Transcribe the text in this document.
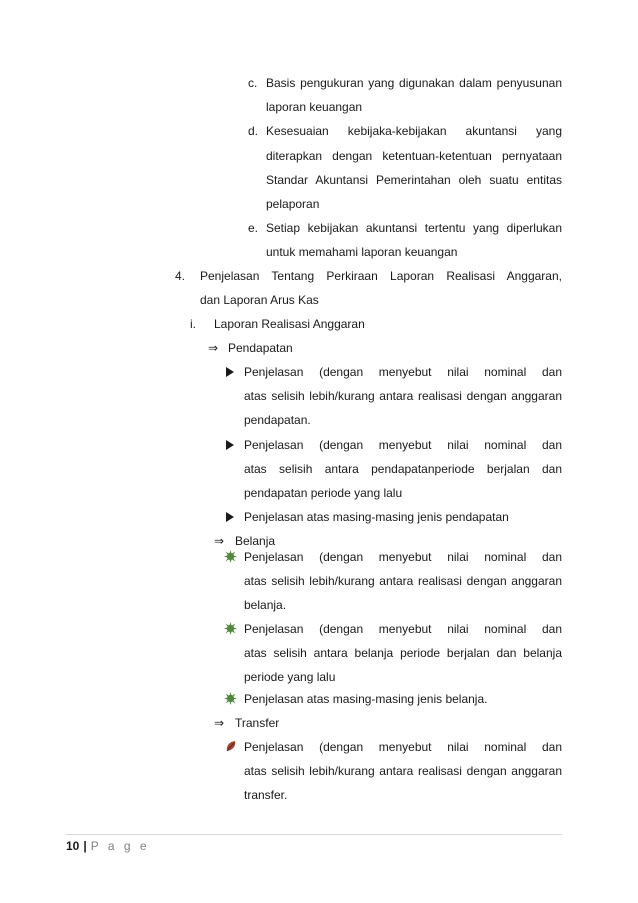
c. Basis pengukuran yang digunakan dalam penyusunan
laporan keuangan
d. Kesesuaian kebijaka-kebijakan akuntansi yang
diterapkan dengan ketentuan-ketentuan pernyataan
Standar Akuntansi Pemerintahan oleh suatu entitas
pelaporan
e. Setiap kebijakan akuntansi tertentu yang diperlukan
untuk memahami laporan keuangan
4. Penjelasan Tentang Perkiraan Laporan Realisasi Anggaran,
dan Laporan Arus Kas
i. Laporan Realisasi Anggaran
⇒ Pendapatan
Penjelasan (dengan menyebut nilai nominal dan
atas selisih lebih/kurang antara realisasi dengan anggaran
pendapatan.
Penjelasan (dengan menyebut nilai nominal dan
atas selisih antara pendapatanperiode berjalan dan
pendapatan periode yang lalu
Penjelasan atas masing-masing jenis pendapatan
⇒ Belanja
Penjelasan (dengan menyebut nilai nominal dan
atas selisih lebih/kurang antara realisasi dengan anggaran
belanja.
Penjelasan (dengan menyebut nilai nominal dan
atas selisih antara belanja periode berjalan dan belanja
periode yang lalu
Penjelasan atas masing-masing jenis belanja.
⇒ Transfer
Penjelasan (dengan menyebut nilai nominal dan
atas selisih lebih/kurang antara realisasi dengan anggaran
transfer.
10 | P a g e
